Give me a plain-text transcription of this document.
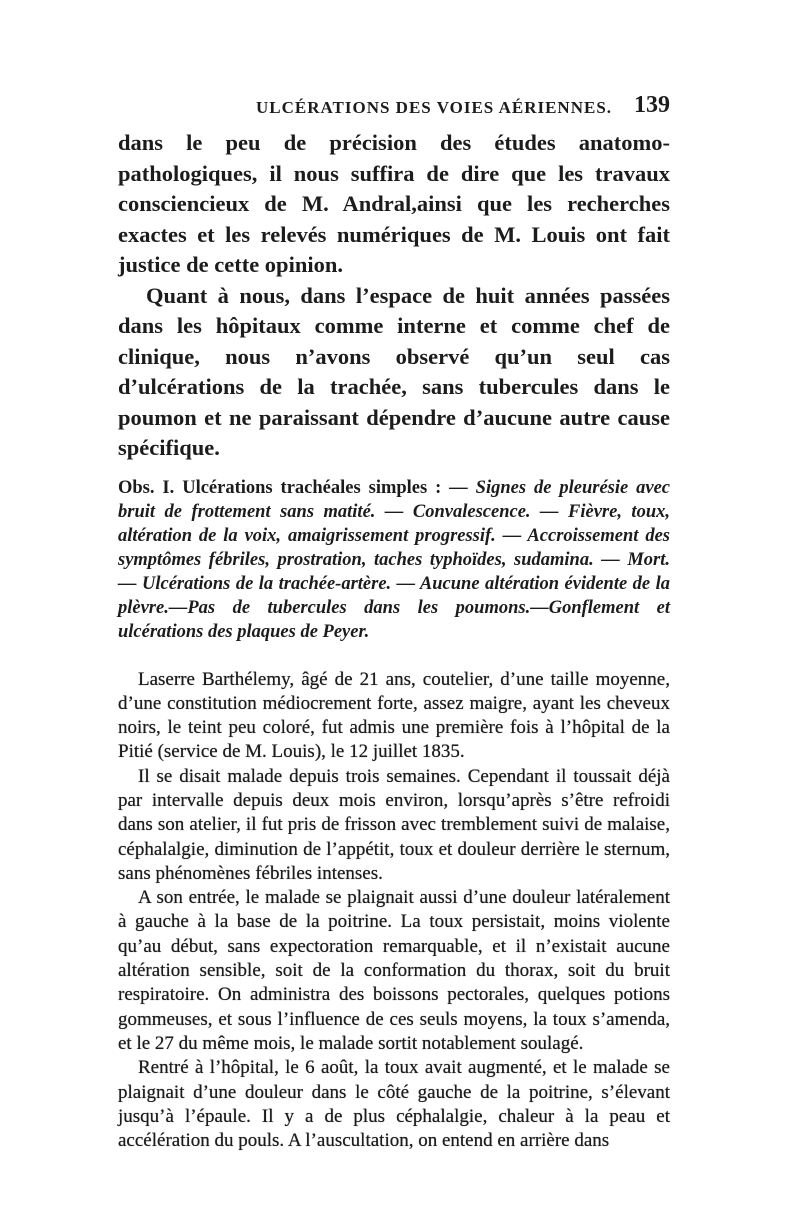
ULCÉRATIONS DES VOIES AÉRIENNES. 139

dans le peu de précision des études anatomo-pathologiques, il nous suffira de dire que les travaux consciencieux de M. Andral,ainsi que les recherches exactes et les relevés numériques de M. Louis ont fait justice de cette opinion.

Quant à nous, dans l’espace de huit années passées dans les hôpitaux comme interne et comme chef de clinique, nous n’avons observé qu’un seul cas d’ulcérations de la trachée, sans tubercules dans le poumon et ne paraissant dépendre d’aucune autre cause spécifique.

Obs. I. Ulcérations trachéales simples : — Signes de pleurésie avec bruit de frottement sans matité. — Convalescence. — Fièvre, toux, altération de la voix, amaigrissement progressif. — Accroissement des symptômes fébriles, prostration, taches typhoïdes, sudamina. — Mort. — Ulcérations de la trachée-artère. — Aucune altération évidente de la plèvre.—Pas de tubercules dans les poumons.—Gonflement et ulcérations des plaques de Peyer.

Laserre Barthélemy, âgé de 21 ans, coutelier, d’une taille moyenne, d’une constitution médiocrement forte, assez maigre, ayant les cheveux noirs, le teint peu coloré, fut admis une première fois à l’hôpital de la Pitié (service de M. Louis), le 12 juillet 1835.

Il se disait malade depuis trois semaines. Cependant il toussait déjà par intervalle depuis deux mois environ, lorsqu’après s’être refroidi dans son atelier, il fut pris de frisson avec tremblement suivi de malaise, céphalalgie, diminution de l’appétit, toux et douleur derrière le sternum, sans phénomènes fébriles intenses.

A son entrée, le malade se plaignait aussi d’une douleur latéralement à gauche à la base de la poitrine. La toux persistait, moins violente qu’au début, sans expectoration remarquable, et il n’existait aucune altération sensible, soit de la conformation du thorax, soit du bruit respiratoire. On administra des boissons pectorales, quelques potions gommeuses, et sous l’influence de ces seuls moyens, la toux s’amenda, et le 27 du même mois, le malade sortit notablement soulagé.

Rentré à l’hôpital, le 6 août, la toux avait augmenté, et le malade se plaignait d’une douleur dans le côté gauche de la poitrine, s’élevant jusqu’à l’épaule. Il y a de plus céphalalgie, chaleur à la peau et accélération du pouls. A l’auscultation, on entend en arrière dans
